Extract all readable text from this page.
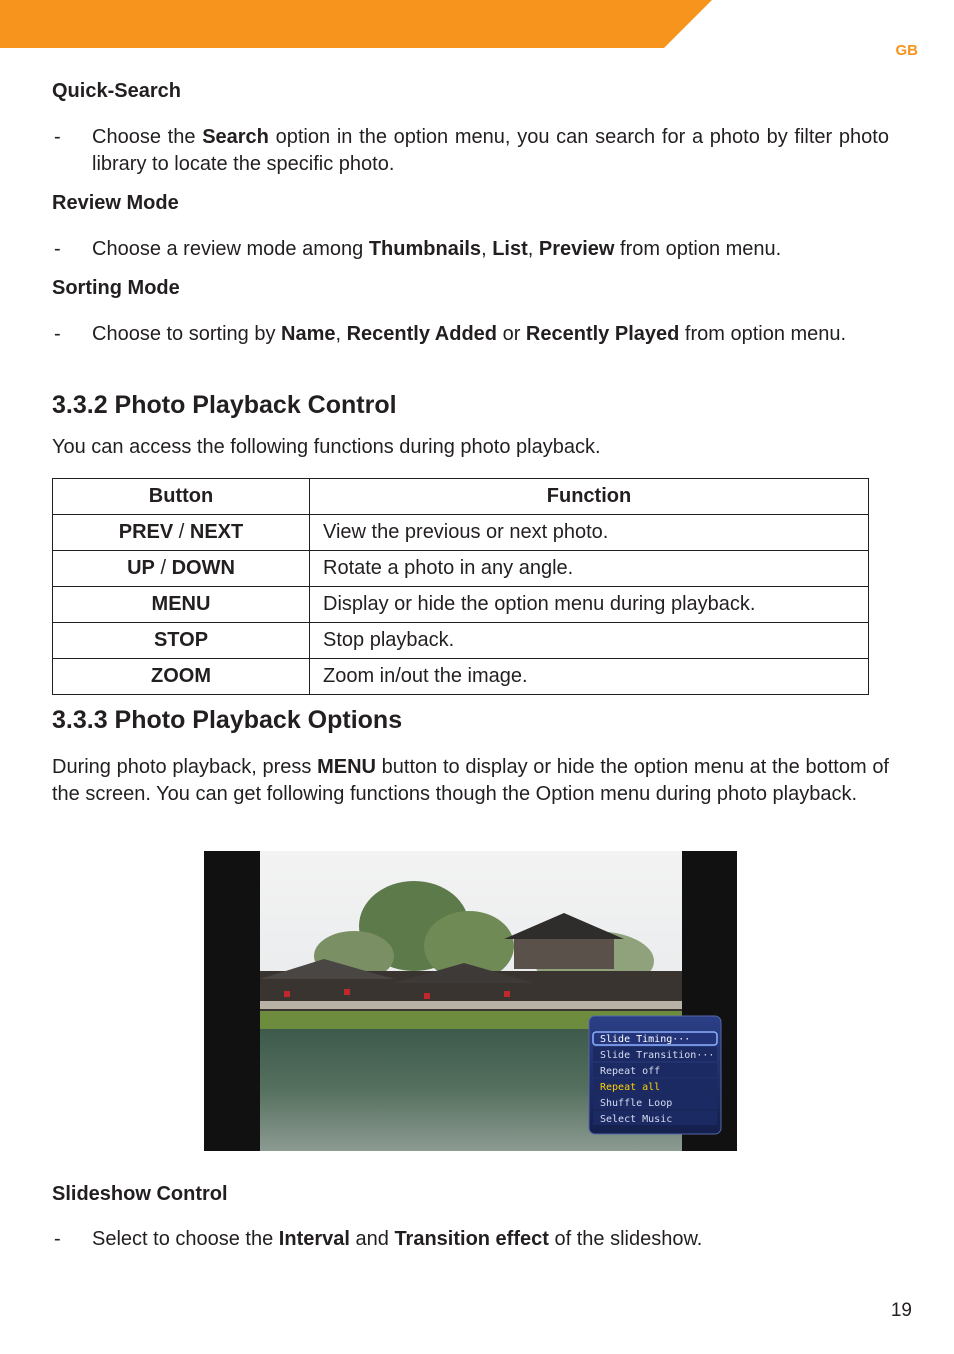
GB
Quick-Search
- Choose the Search option in the option menu, you can search for a photo by filter photo library to locate the specific photo.
Review Mode
- Choose a review mode among Thumbnails, List, Preview from option menu.
Sorting Mode
- Choose to sorting by Name, Recently Added or Recently Played from option menu.
3.3.2 Photo Playback Control

You can access the following functions during photo playback.

Button	Function
PREV / NEXT	View the previous or next photo.
UP / DOWN	Rotate a photo in any angle.
MENU	Display or hide the option menu during playback.
STOP	Stop playback.
ZOOM	Zoom in/out the image.
3.3.3 Photo Playback Options

During photo playback, press MENU button to display or hide the option menu at the bottom of the screen. You can get following functions though the Option menu during photo playback.

Slide Timing···
Slide Transition···
Repeat off
Repeat all
Shuffle Loop
Select Music
Slideshow Control
- Select to choose the Interval and Transition effect of the slideshow.
19
